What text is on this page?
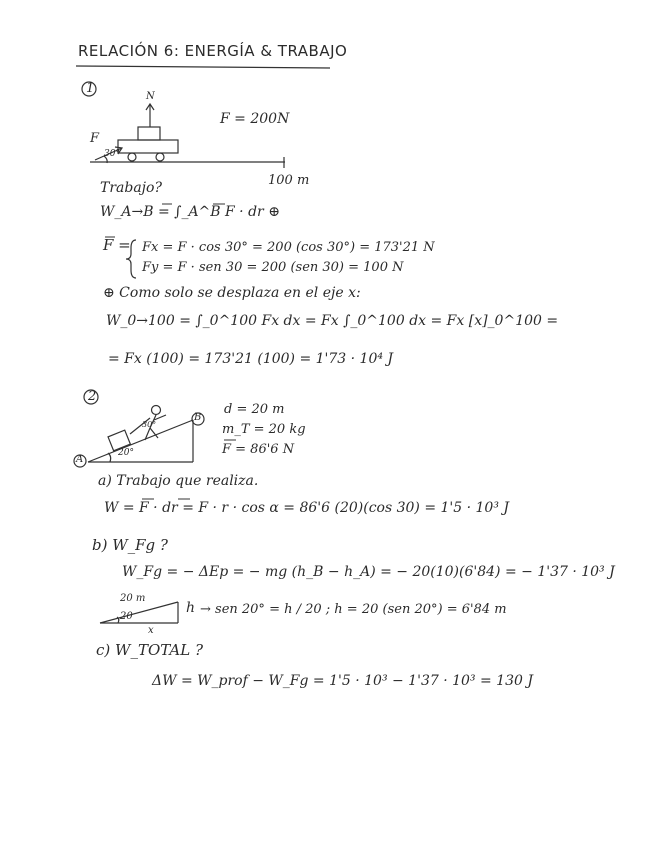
RELACIÓN 6: ENERGÍA & TRABAJO
1
N
F
30°
F = 200N
100 m
Trabajo?
W_A→B = ∫_A^B F · dr ⊕
F = Fx = F · cos 30° = 200 (cos 30°) = 173'21 N
Fy = F · sen 30 = 200 (sen 30) = 100 N
⊕ Como solo se desplaza en el eje x:
W_0→100 = ∫_0^100 Fx dx = Fx ∫_0^100 dx = Fx [x]_0^100 =
= Fx (100) = 173'21 (100) = 1'73 · 10⁴ J
2
B
A
20°
30°
d = 20 m
m_T = 20 kg
F = 86'6 N
a) Trabajo que realiza.
W = F · dr = F · r · cos α = 86'6 (20)(cos 30) = 1'5 · 10³ J
b) W_Fg ?
W_Fg = − ΔEp = − mg (h_B − h_A) = − 20(10)(6'84) = − 1'37 · 10³ J
20 m
20
x
h → sen 20° = h / 20 ; h = 20 (sen 20°) = 6'84 m
c) W_TOTAL ?
ΔW = W_prof − W_Fg = 1'5 · 10³ − 1'37 · 10³ = 130 J
